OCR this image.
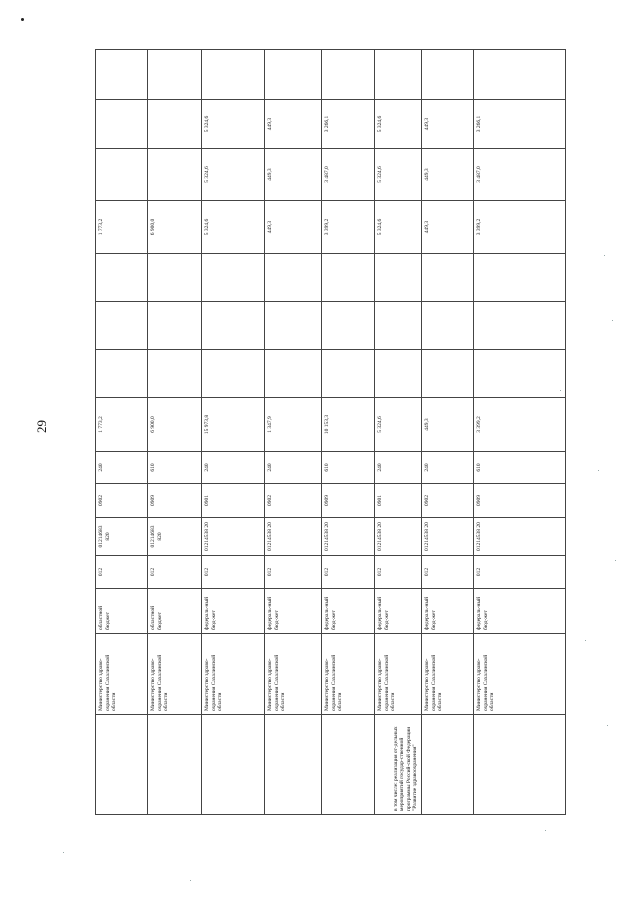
29
	Министерство здраво-охранения Сахалинской области	областной бюджет	012	01214683 820	0902	240	1 773,2				1 773,2			
	Министерство здраво-охранения Сахалинской области	областной бюджет	012	01214683 820	0909	610	6 900,0				6 900,0			
	Министерство здраво-охранения Сахалинской области	федераль-ный бюд-жет	012	01214538 20	0901	240	15 973,8				5 324,6	5 324,6	5 324,6	
	Министерство здраво-охранения Сахалинской области	федераль-ный бюд-жет	012	01214538 20	0902	240	1 347,9				449,3	449,3	449,3	
	Министерство здраво-охранения Сахалинской области	федераль-ный бюд-жет	012	01214538 20	0909	610	10 153,3				3 399,2	3 487,0	3 266,1	
в том числе: реализация от-дельных мероприятий государ-ственной программы Россий-ской Федерации "Развитие здравоохранения"	Министерство здраво-охранения Сахалинской области	федераль-ный бюд-жет	012	01214538 20	0901	240	5 324,6				5 324,6	5 324,6	5 324,6	
	Министерство здраво-охранения Сахалинской области	федераль-ный бюд-жет	012	01214538 20	0902	240	449,3				449,3	449,3	449,3	
	Министерство здраво-охранения Сахалинской области	федераль-ный бюд-жет	012	01214538 20	0909	610	3 399,2				3 399,2	3 487,0	3 266,1	
